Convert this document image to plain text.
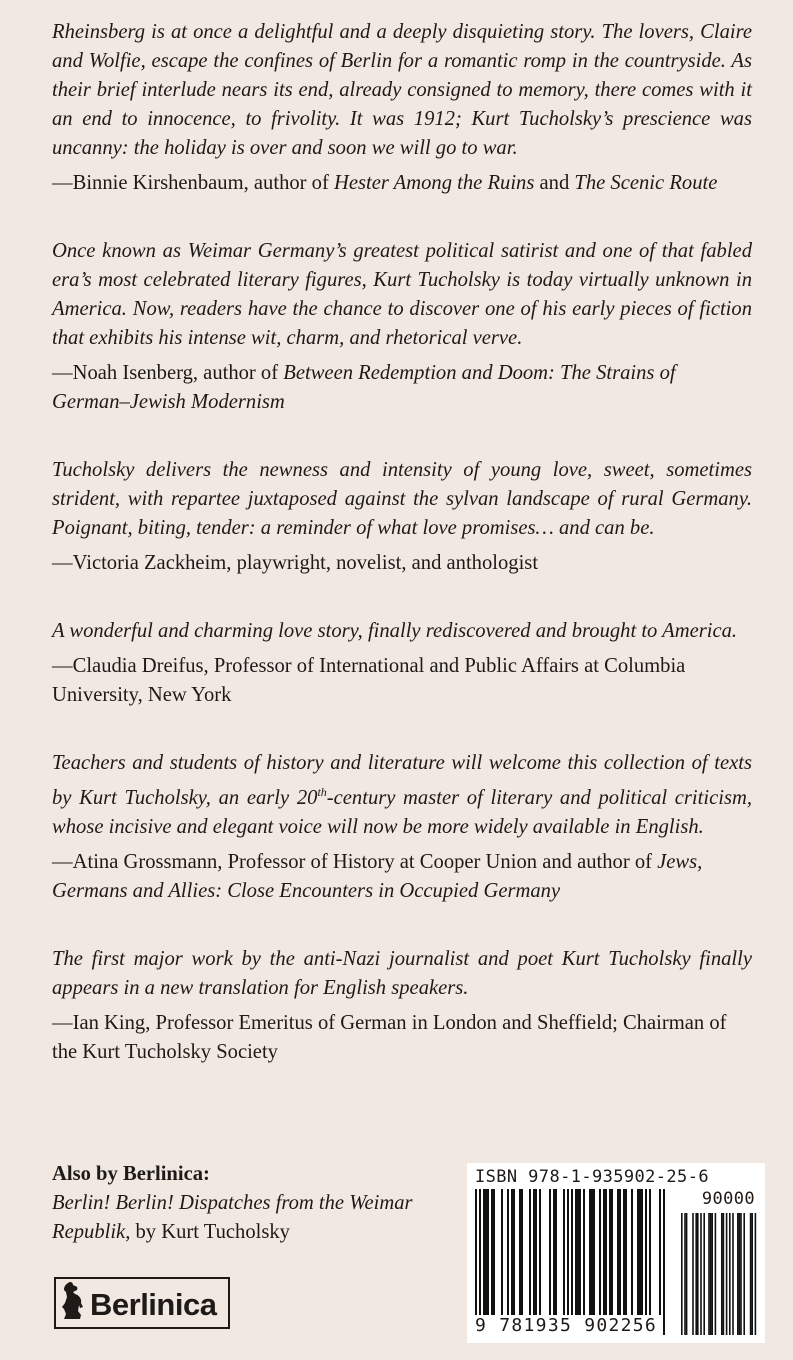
Rheinsberg is at once a delightful and a deeply disquieting story. The lovers, Claire and Wolfie, escape the confines of Berlin for a romantic romp in the countryside. As their brief interlude nears its end, already consigned to memory, there comes with it an end to innocence, to frivolity. It was 1912; Kurt Tucholsky’s prescience was uncanny: the holiday is over and soon we will go to war.

—Binnie Kirshenbaum, author of Hester Among the Ruins and The Scenic Route

Once known as Weimar Germany’s greatest political satirist and one of that fabled era’s most celebrated literary figures, Kurt Tucholsky is today virtually unknown in America. Now, readers have the chance to discover one of his early pieces of fiction that exhibits his intense wit, charm, and rhetorical verve.

—Noah Isenberg, author of Between Redemption and Doom: The Strains of German–Jewish Modernism

Tucholsky delivers the newness and intensity of young love, sweet, sometimes strident, with repartee juxtaposed against the sylvan landscape of rural Germany. Poignant, biting, tender: a reminder of what love promises… and can be.

—Victoria Zackheim, playwright, novelist, and anthologist

A wonderful and charming love story, finally rediscovered and brought to America.

—Claudia Dreifus, Professor of International and Public Affairs at Columbia University, New York

Teachers and students of history and literature will welcome this collection of texts by Kurt Tucholsky, an early 20th-century master of literary and political criticism, whose incisive and elegant voice will now be more widely available in English.

—Atina Grossmann, Professor of History at Cooper Union and author of Jews, Germans and Allies: Close Encounters in Occupied Germany

The first major work by the anti-Nazi journalist and poet Kurt Tucholsky finally appears in a new translation for English speakers.

—Ian King, Professor Emeritus of German in London and Sheffield; Chairman of the Kurt Tucholsky Society

Also by Berlinica:
Berlin! Berlin! Dispatches from the Weimar Republik, by Kurt Tucholsky
Berlinica
ISBN 978-1-935902-25-6
90000
9 781935 902256
